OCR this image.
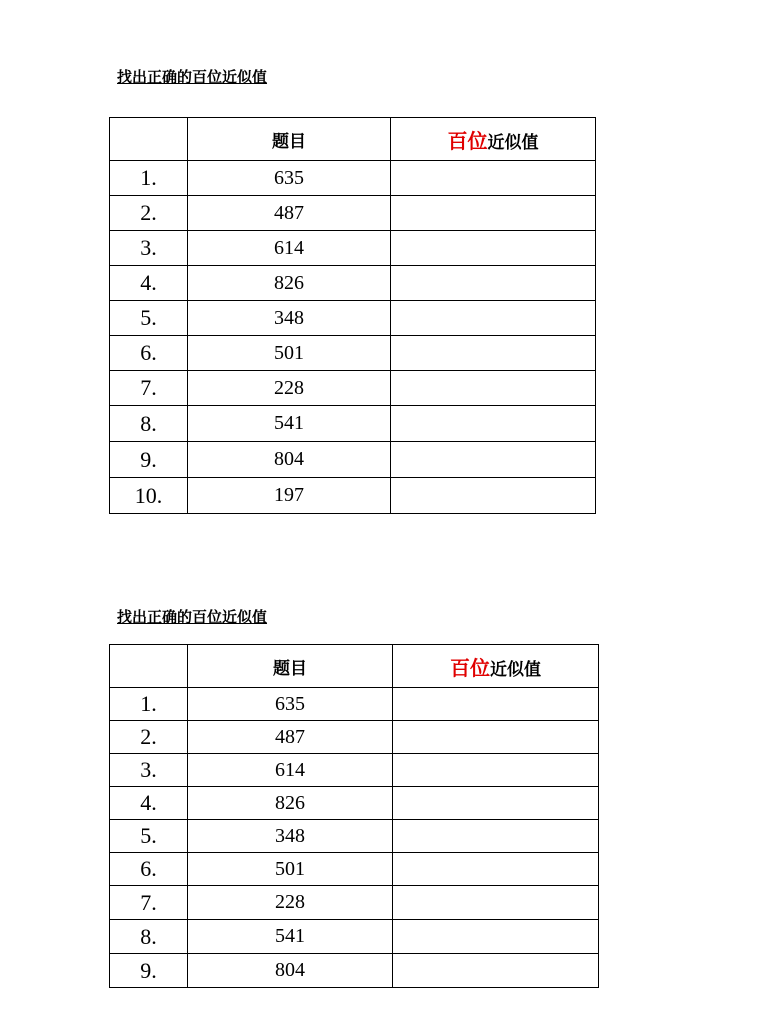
找出正确的百位近似值
	题目	百位近似值
1.	635	
2.	487	
3.	614	
4.	826	
5.	348	
6.	501	
7.	228	
8.	541	
9.	804	
10.	197	
找出正确的百位近似值
	题目	百位近似值
1.	635	
2.	487	
3.	614	
4.	826	
5.	348	
6.	501	
7.	228	
8.	541	
9.	804	
